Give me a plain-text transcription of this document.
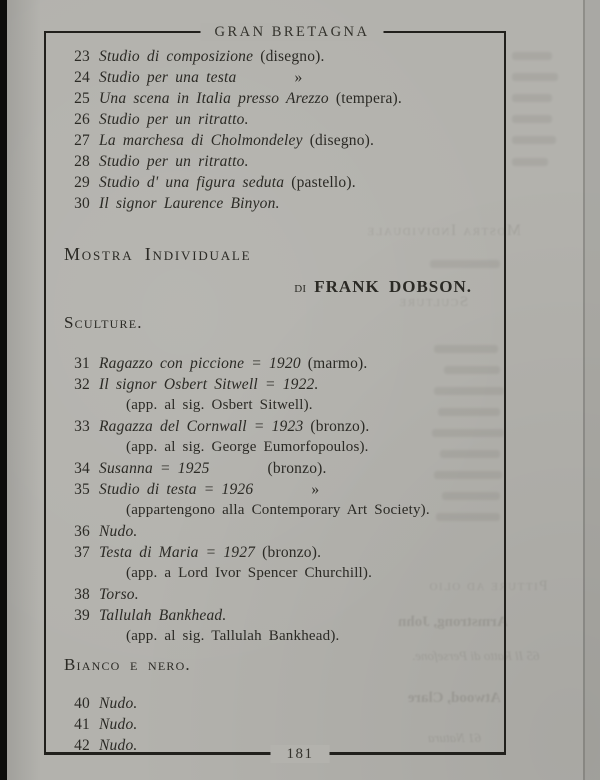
Mostra Individuale
Sculture
Pitture ad olio
Armstrong, John
65 Il Ratto di Persefone.
Atwood, Clare
61 Natura
GRAN BRETAGNA
23 Studio di composizione (disegno).
24 Studio per una testa	»
25 Una scena in Italia presso Arezzo (tempera).
26 Studio per un ritratto.
27 La marchesa di Cholmondeley (disegno).
28 Studio per un ritratto.
29 Studio d' una figura seduta (pastello).
30 Il signor Laurence Binyon.
Mostra Individuale
di FRANK DOBSON.
Sculture.
31 Ragazzo con piccione = 1920 (marmo).
32 Il signor Osbert Sitwell = 1922.
(app. al sig. Osbert Sitwell).
33 Ragazza del Cornwall = 1923 (bronzo).
(app. al sig. George Eumorfopoulos).
34 Susanna = 1925	(bronzo).
35 Studio di testa = 1926	»
(appartengono alla Contemporary Art Society).
36 Nudo.
37 Testa di Maria = 1927 (bronzo).
(app. a Lord Ivor Spencer Churchill).
38 Torso.
39 Tallulah Bankhead.
(app. al sig. Tallulah Bankhead).
Bianco e nero.
40 Nudo.
41 Nudo.
42 Nudo.	181
